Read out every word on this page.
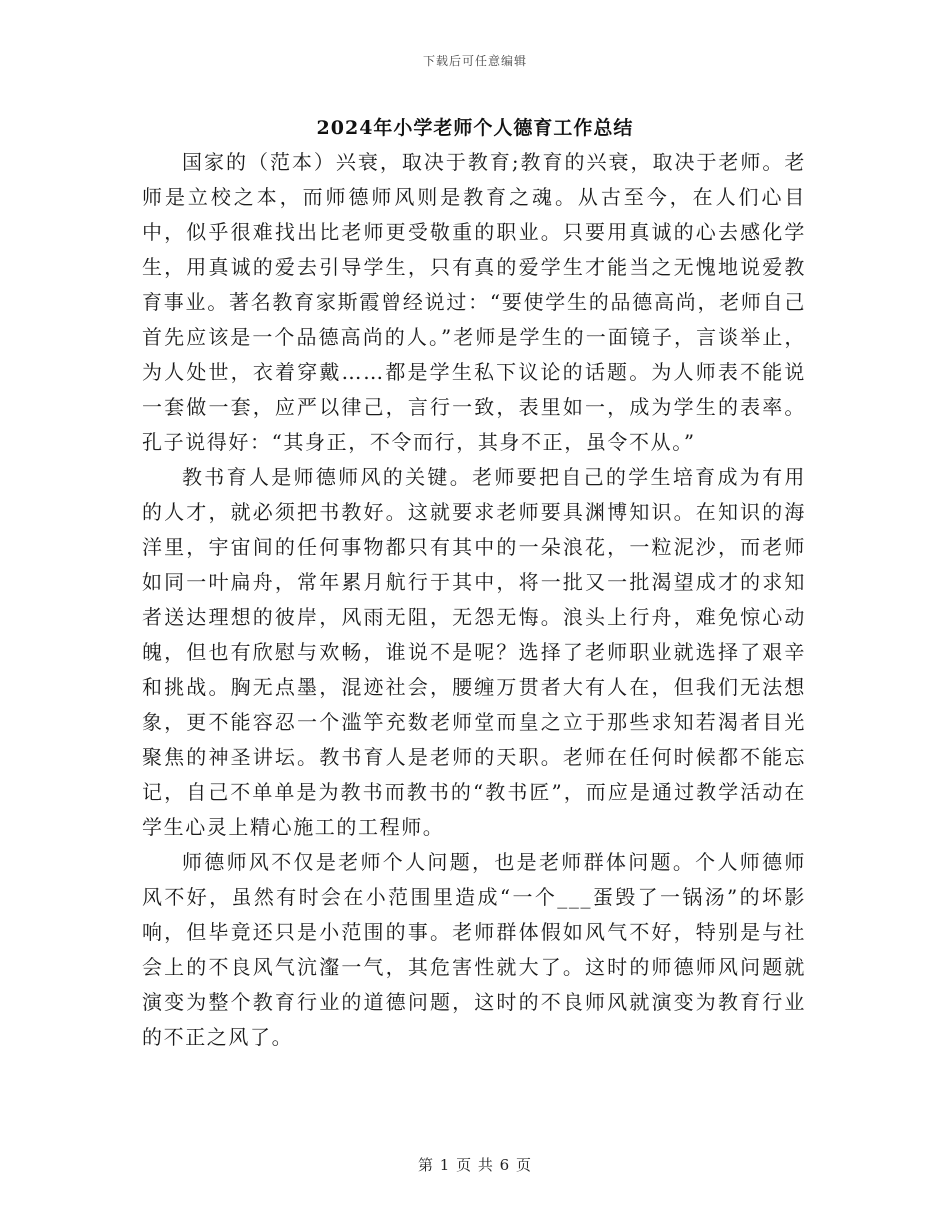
下载后可任意编辑
2024年小学老师个人德育工作总结

国家的（范本）兴衰，取决于教育;教育的兴衰，取决于老师。老师是立校之本，而师德师风则是教育之魂。从古至今，在人们心目中，似乎很难找出比老师更受敬重的职业。只要用真诚的心去感化学生，用真诚的爱去引导学生，只有真的爱学生才能当之无愧地说爱教育事业。著名教育家斯霞曾经说过：“要使学生的品德高尚，老师自己首先应该是一个品德高尚的人。”老师是学生的一面镜子，言谈举止，为人处世，衣着穿戴……都是学生私下议论的话题。为人师表不能说一套做一套，应严以律己，言行一致，表里如一，成为学生的表率。孔子说得好：“其身正，不令而行，其身不正，虽令不从。”

教书育人是师德师风的关键。老师要把自己的学生培育成为有用的人才，就必须把书教好。这就要求老师要具渊博知识。在知识的海洋里，宇宙间的任何事物都只有其中的一朵浪花，一粒泥沙，而老师如同一叶扁舟，常年累月航行于其中，将一批又一批渴望成才的求知者送达理想的彼岸，风雨无阻，无怨无悔。浪头上行舟，难免惊心动魄，但也有欣慰与欢畅，谁说不是呢？选择了老师职业就选择了艰辛和挑战。胸无点墨，混迹社会，腰缠万贯者大有人在，但我们无法想象，更不能容忍一个滥竽充数老师堂而皇之立于那些求知若渴者目光聚焦的神圣讲坛。教书育人是老师的天职。老师在任何时候都不能忘记，自己不单单是为教书而教书的“教书匠”，而应是通过教学活动在学生心灵上精心施工的工程师。

师德师风不仅是老师个人问题，也是老师群体问题。个人师德师风不好，虽然有时会在小范围里造成“一个___蛋毁了一锅汤”的坏影响，但毕竟还只是小范围的事。老师群体假如风气不好，特别是与社会上的不良风气沆瀣一气，其危害性就大了。这时的师德师风问题就演变为整个教育行业的道德问题，这时的不良师风就演变为教育行业的不正之风了。

第 1 页 共 6 页
